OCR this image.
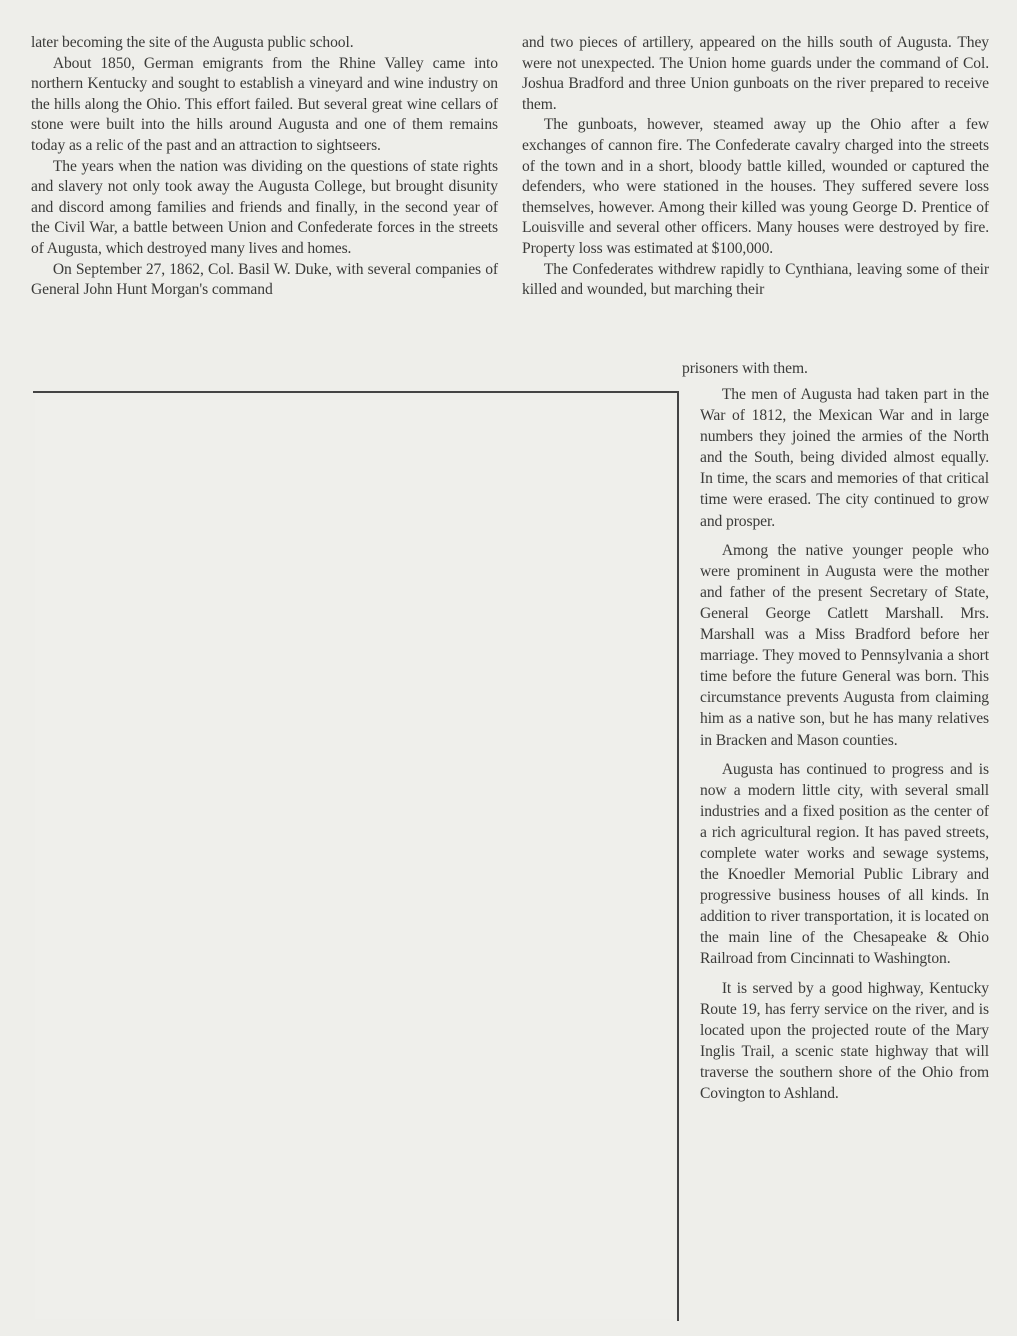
later becoming the site of the Augusta public school.

About 1850, German emigrants from the Rhine Valley came into northern Kentucky and sought to establish a vineyard and wine industry on the hills along the Ohio. This effort failed. But several great wine cellars of stone were built into the hills around Augusta and one of them remains today as a relic of the past and an attraction to sightseers.

The years when the nation was dividing on the questions of state rights and slavery not only took away the Augusta College, but brought disunity and discord among families and friends and finally, in the second year of the Civil War, a battle between Union and Confederate forces in the streets of Augusta, which destroyed many lives and homes.

On September 27, 1862, Col. Basil W. Duke, with several companies of General John Hunt Morgan's command

and two pieces of artillery, appeared on the hills south of Augusta. They were not unexpected. The Union home guards under the command of Col. Joshua Bradford and three Union gunboats on the river prepared to receive them.

The gunboats, however, steamed away up the Ohio after a few exchanges of cannon fire. The Confederate cavalry charged into the streets of the town and in a short, bloody battle killed, wounded or captured the defenders, who were stationed in the houses. They suffered severe loss themselves, however. Among their killed was young George D. Prentice of Louisville and several other officers. Many houses were destroyed by fire. Property loss was estimated at $100,000.

The Confederates withdrew rapidly to Cynthiana, leaving some of their killed and wounded, but marching their

prisoners with them.

The men of Augusta had taken part in the War of 1812, the Mexican War and in large numbers they joined the armies of the North and the South, being divided almost equally. In time, the scars and memories of that critical time were erased. The city continued to grow and prosper.

Among the native younger people who were prominent in Augusta were the mother and father of the present Secretary of State, General George Catlett Marshall. Mrs. Marshall was a Miss Bradford before her marriage. They moved to Pennsylvania a short time before the future General was born. This circumstance prevents Augusta from claiming him as a native son, but he has many relatives in Bracken and Mason counties.

Augusta has continued to progress and is now a modern little city, with several small industries and a fixed position as the center of a rich agricultural region. It has paved streets, complete water works and sewage systems, the Knoedler Memorial Public Library and progressive business houses of all kinds. In addition to river transportation, it is located on the main line of the Chesapeake & Ohio Railroad from Cincinnati to Washington.

It is served by a good highway, Kentucky Route 19, has ferry service on the river, and is located upon the projected route of the Mary Inglis Trail, a scenic state highway that will traverse the southern shore of the Ohio from Covington to Ashland.
